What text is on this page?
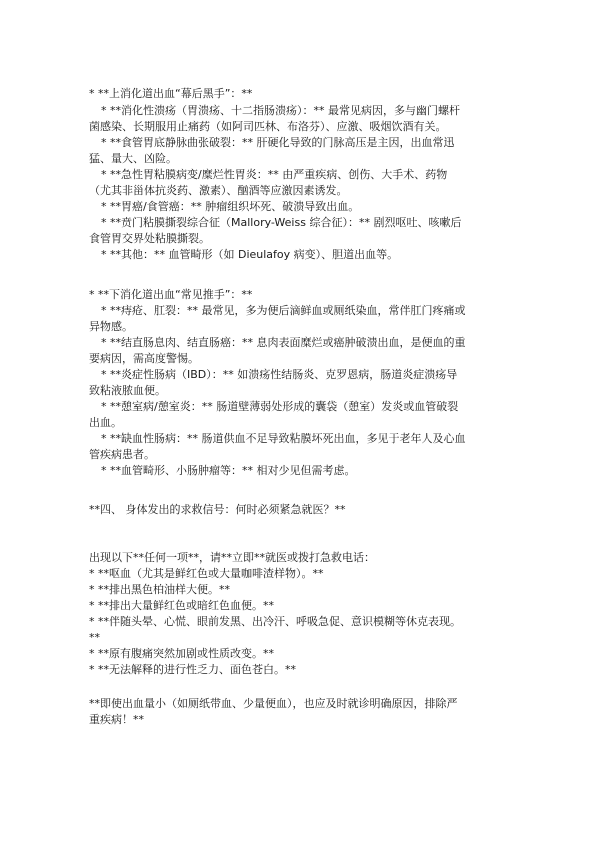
* **上消化道出血“幕后黑手”：**
* **消化性溃疡（胃溃疡、十二指肠溃疡）：** 最常见病因，多与幽门螺杆
菌感染、长期服用止痛药（如阿司匹林、布洛芬）、应激、吸烟饮酒有关。
* **食管胃底静脉曲张破裂：** 肝硬化导致的门脉高压是主因，出血常迅
猛、量大、凶险。
* **急性胃粘膜病变/糜烂性胃炎：** 由严重疾病、创伤、大手术、药物
（尤其非甾体抗炎药、激素）、酗酒等应激因素诱发。
* **胃癌/食管癌：** 肿瘤组织坏死、破溃导致出血。
* **贲门粘膜撕裂综合征（Mallory-Weiss 综合征）：** 剧烈呕吐、咳嗽后
食管胃交界处粘膜撕裂。
* **其他：** 血管畸形（如 Dieulafoy 病变）、胆道出血等。
* **下消化道出血“常见推手”：**
* **痔疮、肛裂：** 最常见，多为便后滴鲜血或厕纸染血，常伴肛门疼痛或
异物感。
* **结直肠息肉、结直肠癌：** 息肉表面糜烂或癌肿破溃出血，是便血的重
要病因，需高度警惕。
* **炎症性肠病（IBD）：** 如溃疡性结肠炎、克罗恩病，肠道炎症溃疡导
致粘液脓血便。
* **憩室病/憩室炎：** 肠道壁薄弱处形成的囊袋（憩室）发炎或血管破裂
出血。
* **缺血性肠病：** 肠道供血不足导致粘膜坏死出血，多见于老年人及心血
管疾病患者。
* **血管畸形、小肠肿瘤等：** 相对少见但需考虑。
**四、 身体发出的求救信号：何时必须紧急就医？**
出现以下**任何一项**，请**立即**就医或拨打急救电话：
* **呕血（尤其是鲜红色或大量咖啡渣样物）。**
* **排出黑色柏油样大便。**
* **排出大量鲜红色或暗红色血便。**
* **伴随头晕、心慌、眼前发黑、出冷汗、呼吸急促、意识模糊等休克表现。
**
* **原有腹痛突然加剧或性质改变。**
* **无法解释的进行性乏力、面色苍白。**
**即使出血量小（如厕纸带血、少量便血），也应及时就诊明确原因，排除严
重疾病！**
